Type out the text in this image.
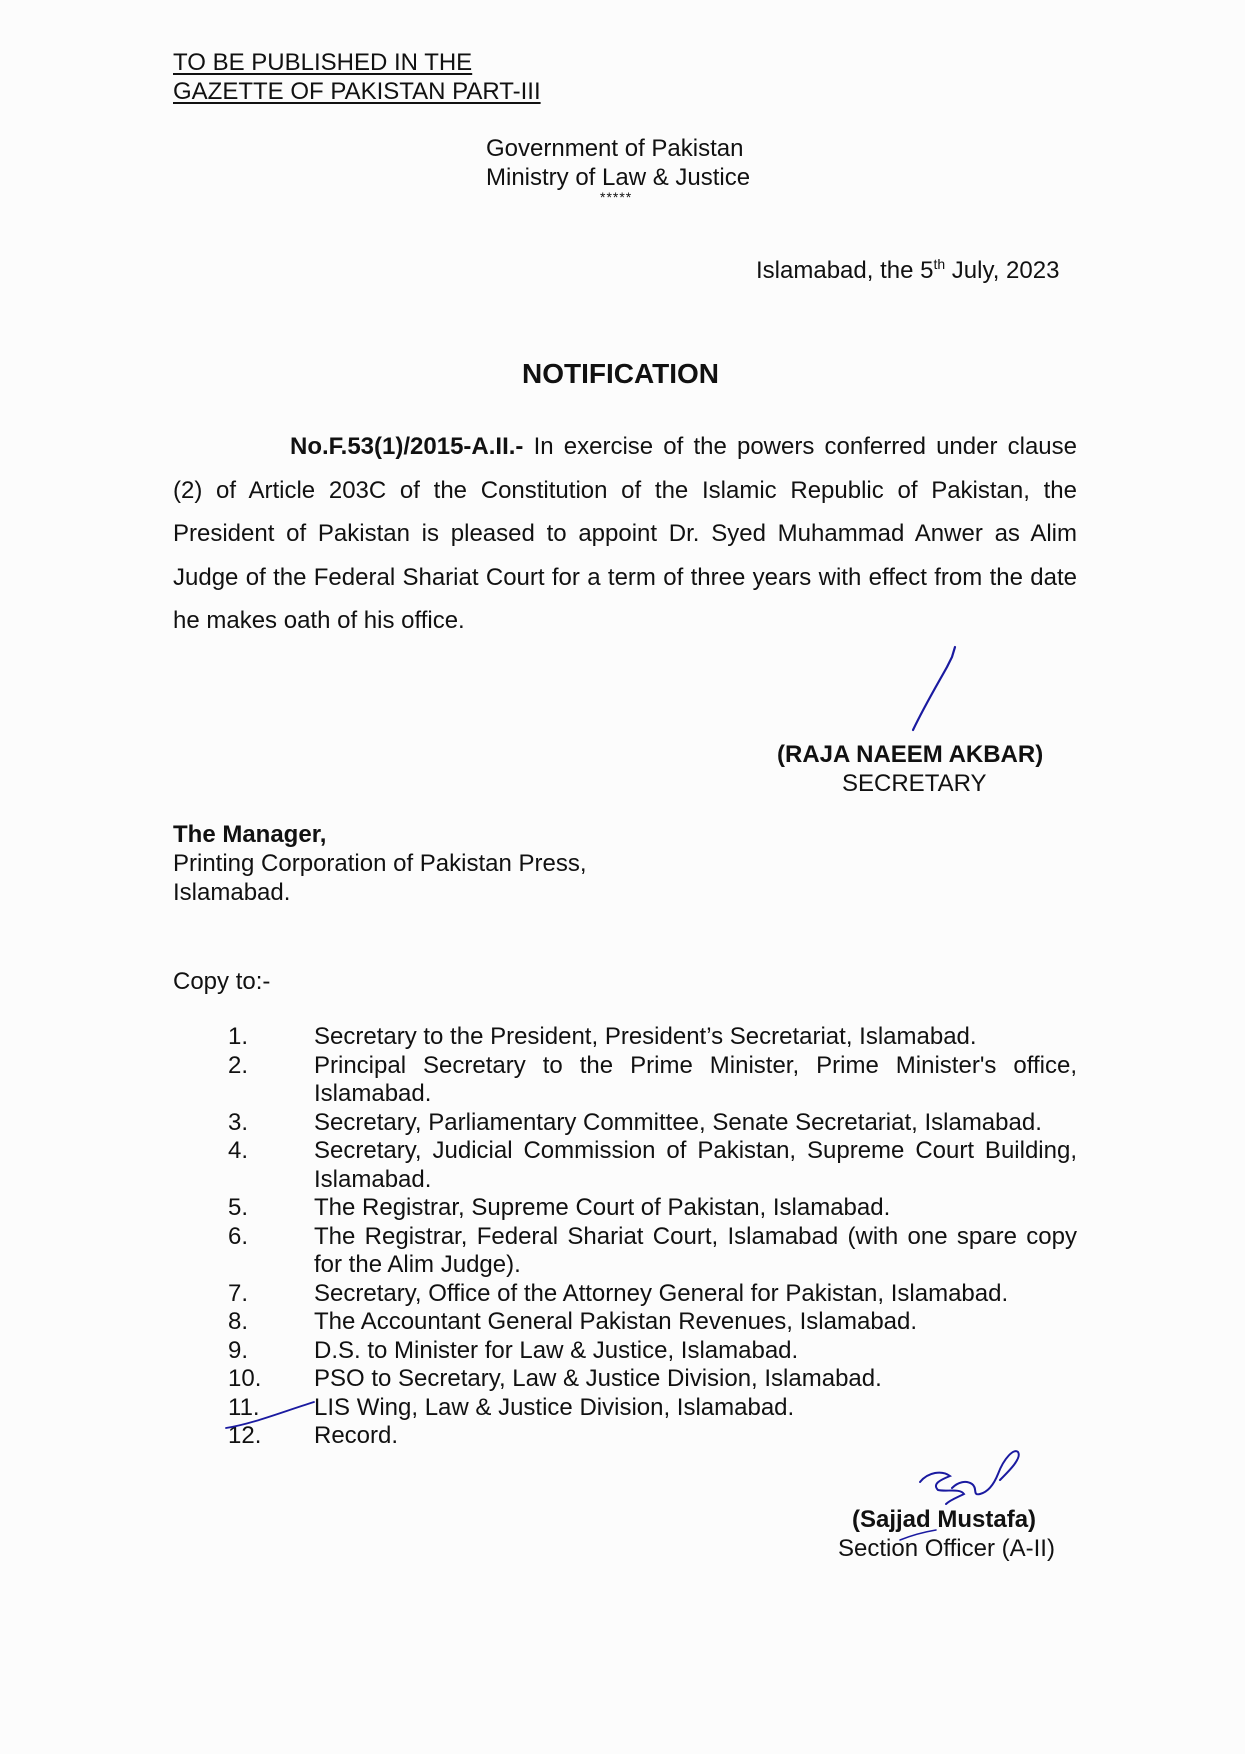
TO BE PUBLISHED IN THE
GAZETTE OF PAKISTAN PART-III
Government of Pakistan
Ministry of Law & Justice
*****
Islamabad, the 5th July, 2023
NOTIFICATION
No.F.53(1)/2015-A.II.- In exercise of the powers conferred under clause (2) of Article 203C of the Constitution of the Islamic Republic of Pakistan, the President of Pakistan is pleased to appoint Dr. Syed Muhammad Anwer as Alim Judge of the Federal Shariat Court for a term of three years with effect from the date he makes oath of his office.
(RAJA NAEEM AKBAR)
SECRETARY
The Manager,
Printing Corporation of Pakistan Press,
Islamabad.
Copy to:-
1.	Secretary to the President, President’s Secretariat, Islamabad.
2.	Principal Secretary to the Prime Minister, Prime Minister's office, Islamabad.
3.	Secretary, Parliamentary Committee, Senate Secretariat, Islamabad.
4.	Secretary, Judicial Commission of Pakistan, Supreme Court Building, Islamabad.
5.	The Registrar, Supreme Court of Pakistan, Islamabad.
6.	The Registrar, Federal Shariat Court, Islamabad (with one spare copy for the Alim Judge).
7.	Secretary, Office of the Attorney General for Pakistan, Islamabad.
8.	The Accountant General Pakistan Revenues, Islamabad.
9.	D.S. to Minister for Law & Justice, Islamabad.
10.	PSO to Secretary, Law & Justice Division, Islamabad.
11.	LIS Wing, Law & Justice Division, Islamabad.
12.	Record.
(Sajjad Mustafa)
Section Officer (A-II)
